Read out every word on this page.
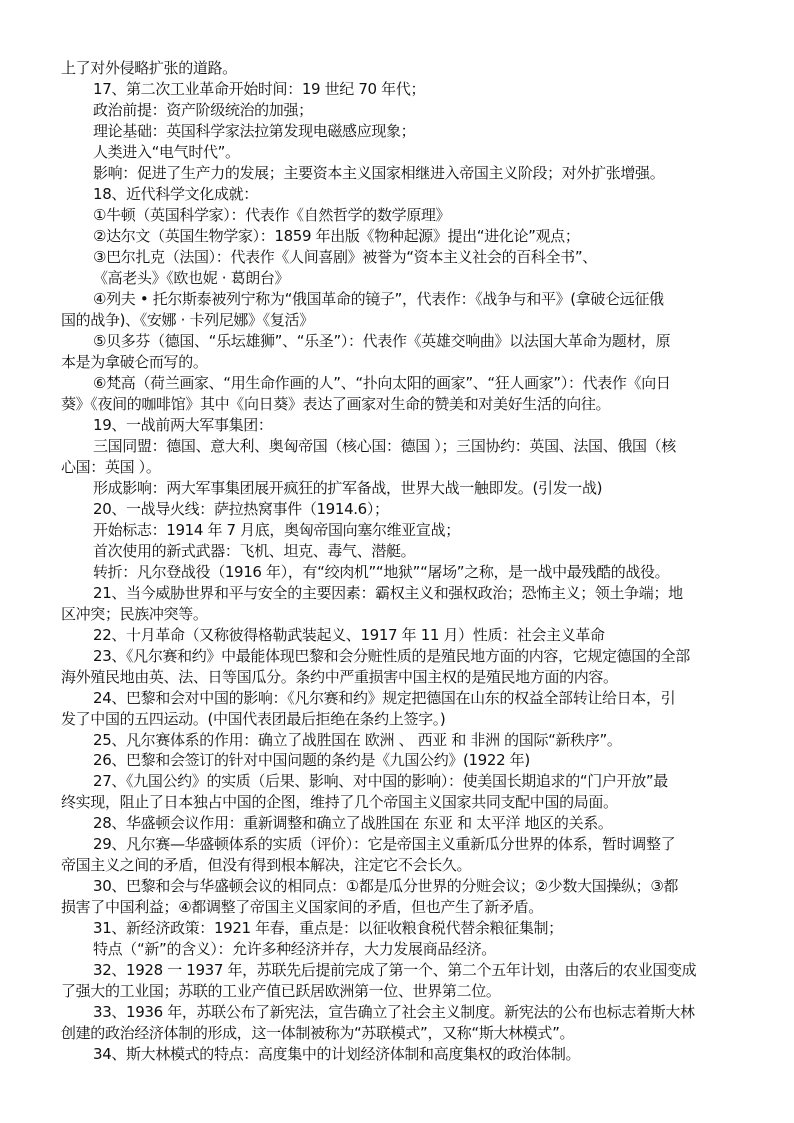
上了对外侵略扩张的道路。
17、第二次工业革命开始时间：19 世纪 70 年代；
政治前提：资产阶级统治的加强；
理论基础：英国科学家法拉第发现电磁感应现象；
人类进入“电气时代”。
影响：促进了生产力的发展；主要资本主义国家相继进入帝国主义阶段；对外扩张增强。
18、近代科学文化成就：
①牛顿（英国科学家）：代表作《自然哲学的数学原理》
②达尔文（英国生物学家）：1859 年出版《物种起源》提出“进化论”观点；
③巴尔扎克（法国）：代表作《人间喜剧》被誉为“资本主义社会的百科全书”、
《高老头》《欧也妮 · 葛朗台》
④列夫 • 托尔斯泰被列宁称为“俄国革命的镜子”，代表作：《战争与和平》(拿破仑远征俄
国的战争)、《安娜 · 卡列尼娜》《复活》
⑤贝多芬（德国、“乐坛雄狮”、“乐圣”）：代表作《英雄交响曲》以法国大革命为题材，原
本是为拿破仑而写的。
⑥梵高（荷兰画家、“用生命作画的人”、“扑向太阳的画家”、“狂人画家”）：代表作《向日
葵》《夜间的咖啡馆》其中《向日葵》表达了画家对生命的赞美和对美好生活的向往。
19、一战前两大军事集团：
三国同盟：德国、意大利、奥匈帝国（核心国：德国 ）；三国协约：英国、法国、俄国（核
心国：英国 ）。
形成影响：两大军事集团展开疯狂的扩军备战，世界大战一触即发。(引发一战)
20、一战导火线：萨拉热窝事件（1914.6）；
开始标志：1914 年 7 月底，奥匈帝国向塞尔维亚宣战；
首次使用的新式武器：飞机、坦克、毒气、潜艇。
转折：凡尔登战役（1916 年），有“绞肉机”“地狱”“屠场”之称，是一战中最残酷的战役。
21、当今威胁世界和平与安全的主要因素：霸权主义和强权政治；恐怖主义；领土争端；地
区冲突；民族冲突等。
22、十月革命（又称彼得格勒武装起义、1917 年 11 月）性质：社会主义革命
23、《凡尔赛和约》中最能体现巴黎和会分赃性质的是殖民地方面的内容，它规定德国的全部
海外殖民地由英、法、日等国瓜分。条约中严重损害中国主权的是殖民地方面的内容。
24、巴黎和会对中国的影响：《凡尔赛和约》规定把德国在山东的权益全部转让给日本，引
发了中国的五四运动。(中国代表团最后拒绝在条约上签字。)
25、凡尔赛体系的作用：确立了战胜国在 欧洲 、 西亚 和 非洲 的国际“新秩序”。
26、巴黎和会签订的针对中国问题的条约是《九国公约》(1922 年)
27、《九国公约》的实质（后果、影响、对中国的影响）：使美国长期追求的“门户开放”最
终实现，阻止了日本独占中国的企图，维持了几个帝国主义国家共同支配中国的局面。
28、华盛顿会议作用：重新调整和确立了战胜国在 东亚 和 太平洋 地区的关系。
29、凡尔赛—华盛顿体系的实质（评价）：它是帝国主义重新瓜分世界的体系，暂时调整了
帝国主义之间的矛盾，但没有得到根本解决，注定它不会长久。
30、巴黎和会与华盛顿会议的相同点：①都是瓜分世界的分赃会议；②少数大国操纵；③都
损害了中国利益；④都调整了帝国主义国家间的矛盾，但也产生了新矛盾。
31、新经济政策：1921 年春，重点是：以征收粮食税代替余粮征集制；
特点（“新”的含义）：允许多种经济并存，大力发展商品经济。
32、1928 一 1937 年，苏联先后提前完成了第一个、第二个五年计划，由落后的农业国变成
了强大的工业国；苏联的工业产值已跃居欧洲第一位、世界第二位。
33、1936 年，苏联公布了新宪法，宣告确立了社会主义制度。新宪法的公布也标志着斯大林
创建的政治经济体制的形成，这一体制被称为“苏联模式”，又称“斯大林模式”。
34、斯大林模式的特点：高度集中的计划经济体制和高度集权的政治体制。
